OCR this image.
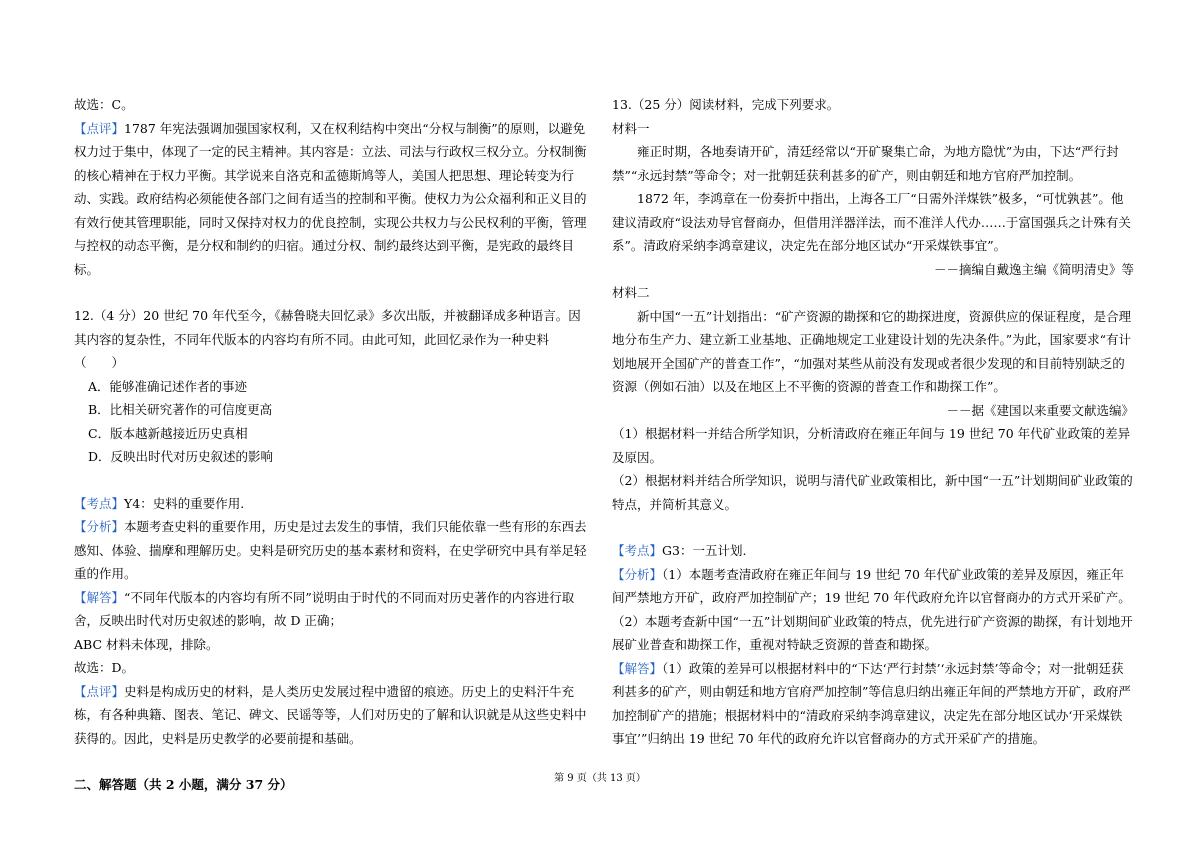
故选：C。

【点评】1787 年宪法强调加强国家权利，又在权利结构中突出“分权与制衡”的原则，以避免权力过于集中，体现了一定的民主精神。其内容是：立法、司法与行政权三权分立。分权制衡的核心精神在于权力平衡。其学说来自洛克和孟德斯鸠等人，美国人把思想、理论转变为行动、实践。政府结构必须能使各部门之间有适当的控制和平衡。使权力为公众福利和正义目的有效行使其管理职能，同时又保持对权力的优良控制，实现公共权力与公民权利的平衡，管理与控权的动态平衡，是分权和制约的归宿。通过分权、制约最终达到平衡，是宪政的最终目标。

12.（4 分）20 世纪 70 年代至今，《赫鲁晓夫回忆录》多次出版，并被翻译成多种语言。因其内容的复杂性，不同年代版本的内容均有所不同。由此可知，此回忆录作为一种史料（　　）

A．能够准确记述作者的事迹

B．比相关研究著作的可信度更高

C．版本越新越接近历史真相

D．反映出时代对历史叙述的影响

【考点】Y4：史料的重要作用.

【分析】本题考查史料的重要作用，历史是过去发生的事情，我们只能依靠一些有形的东西去感知、体验、揣摩和理解历史。史料是研究历史的基本素材和资料，在史学研究中具有举足轻重的作用。

【解答】“不同年代版本的内容均有所不同”说明由于时代的不同而对历史著作的内容进行取舍，反映出时代对历史叙述的影响，故 D 正确；

ABC 材料未体现，排除。

故选：D。

【点评】史料是构成历史的材料，是人类历史发展过程中遗留的痕迹。历史上的史料汗牛充栋，有各种典籍、图表、笔记、碑文、民谣等等，人们对历史的了解和认识就是从这些史料中获得的。因此，史料是历史教学的必要前提和基础。

二、解答题（共 2 小题，满分 37 分）

13.（25 分）阅读材料，完成下列要求。

材料一

雍正时期，各地奏请开矿，清廷经常以“开矿聚集亡命，为地方隐忧”为由，下达“严行封禁”“永远封禁”等命令；对一批朝廷获利甚多的矿产，则由朝廷和地方官府严加控制。

1872 年，李鸿章在一份奏折中指出，上海各工厂“日需外洋煤铁”极多，“可忧孰甚”。他建议清政府“设法劝导官督商办，但借用洋器洋法，而不准洋人代办……于富国强兵之计殊有关系”。清政府采纳李鸿章建议，决定先在部分地区试办“开采煤铁事宜”。

－－摘编自戴逸主编《简明清史》等

材料二

新中国“一五”计划指出：“矿产资源的勘探和它的勘探进度，资源供应的保证程度，是合理地分布生产力、建立新工业基地、正确地规定工业建设计划的先决条件。”为此，国家要求“有计划地展开全国矿产的普查工作”，“加强对某些从前没有发现或者很少发现的和目前特别缺乏的资源（例如石油）以及在地区上不平衡的资源的普查工作和勘探工作”。

－－据《建国以来重要文献选编》

（1）根据材料一并结合所学知识，分析清政府在雍正年间与 19 世纪 70 年代矿业政策的差异及原因。

（2）根据材料并结合所学知识，说明与清代矿业政策相比，新中国“一五”计划期间矿业政策的特点，并简析其意义。

【考点】G3：一五计划.

【分析】（1）本题考查清政府在雍正年间与 19 世纪 70 年代矿业政策的差异及原因，雍正年间严禁地方开矿，政府严加控制矿产；19 世纪 70 年代政府允许以官督商办的方式开采矿产。

（2）本题考查新中国“一五”计划期间矿业政策的特点，优先进行矿产资源的勘探，有计划地开展矿业普查和勘探工作，重视对特缺乏资源的普查和勘探。

【解答】（1）政策的差异可以根据材料中的“下达‘严行封禁’‘永远封禁’等命令；对一批朝廷获利甚多的矿产，则由朝廷和地方官府严加控制”等信息归纳出雍正年间的严禁地方开矿，政府严加控制矿产的措施；根据材料中的“清政府采纳李鸿章建议，决定先在部分地区试办‘开采煤铁事宜’”归纳出 19 世纪 70 年代的政府允许以官督商办的方式开采矿产的措施。

第 9 页（共 13 页）
